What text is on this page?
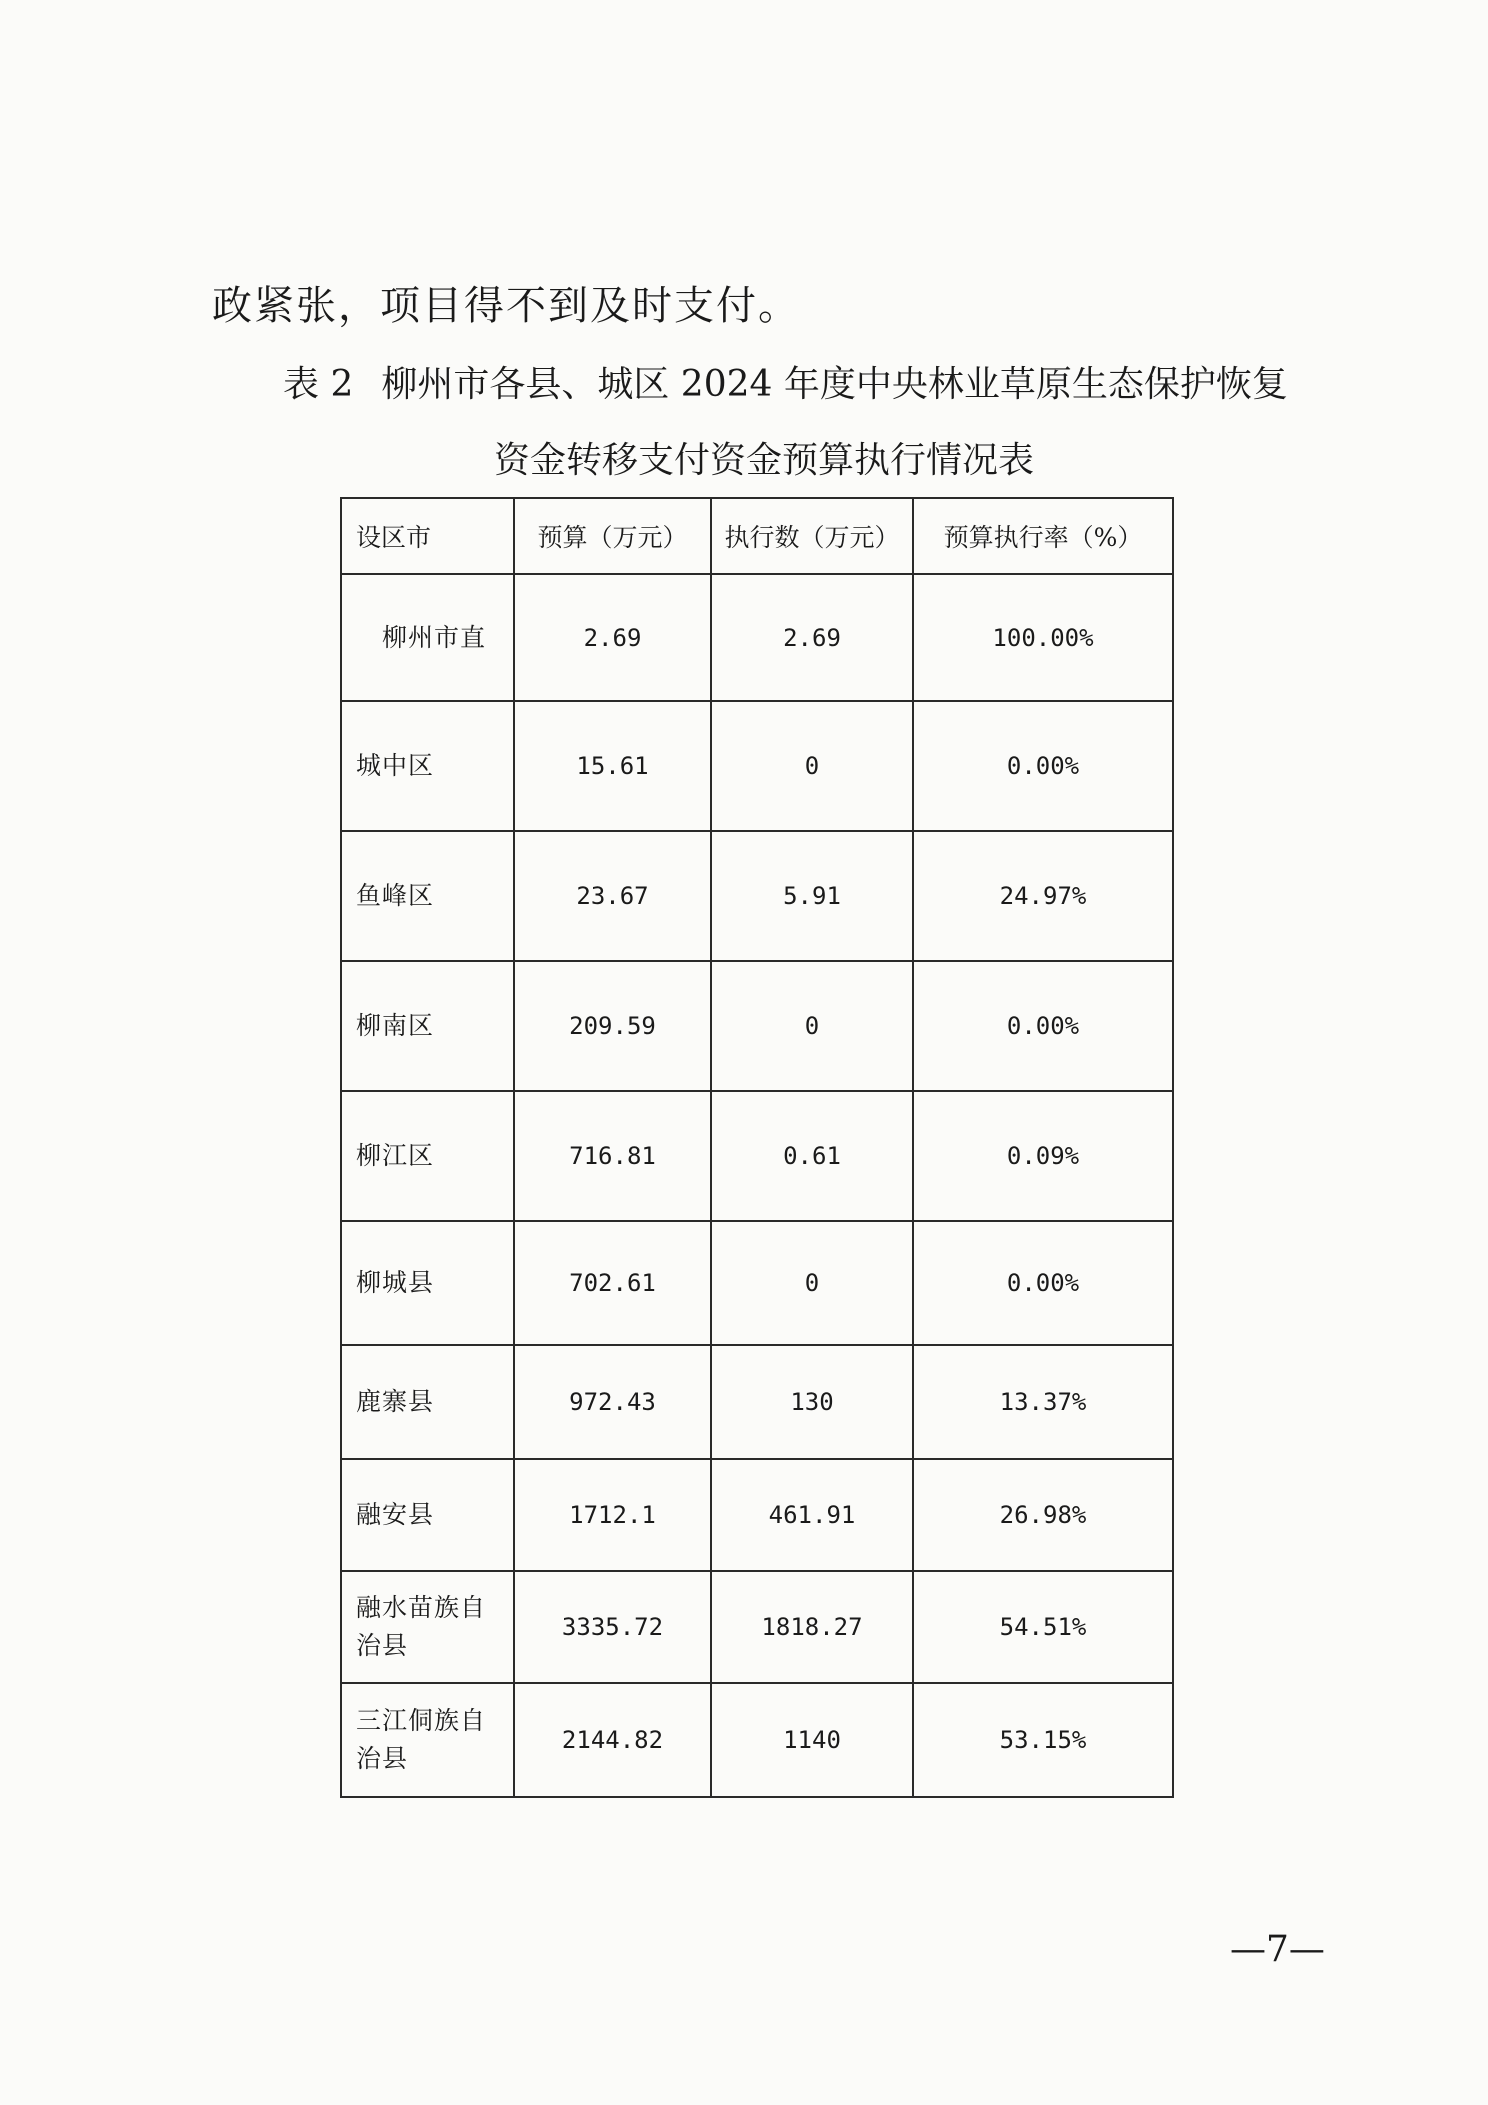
政紧张，项目得不到及时支付。
表 2 柳州市各县、城区 2024 年度中央林业草原生态保护恢复
资金转移支付资金预算执行情况表
设区市	预算（万元）	执行数（万元）	预算执行率（%）
柳州市直	2.69	2.69	100.00%
城中区	15.61	0	0.00%
鱼峰区	23.67	5.91	24.97%
柳南区	209.59	0	0.00%
柳江区	716.81	0.61	0.09%
柳城县	702.61	0	0.00%
鹿寨县	972.43	130	13.37%
融安县	1712.1	461.91	26.98%
融水苗族自治县	3335.72	1818.27	54.51%
三江侗族自治县	2144.82	1140	53.15%
—7—
